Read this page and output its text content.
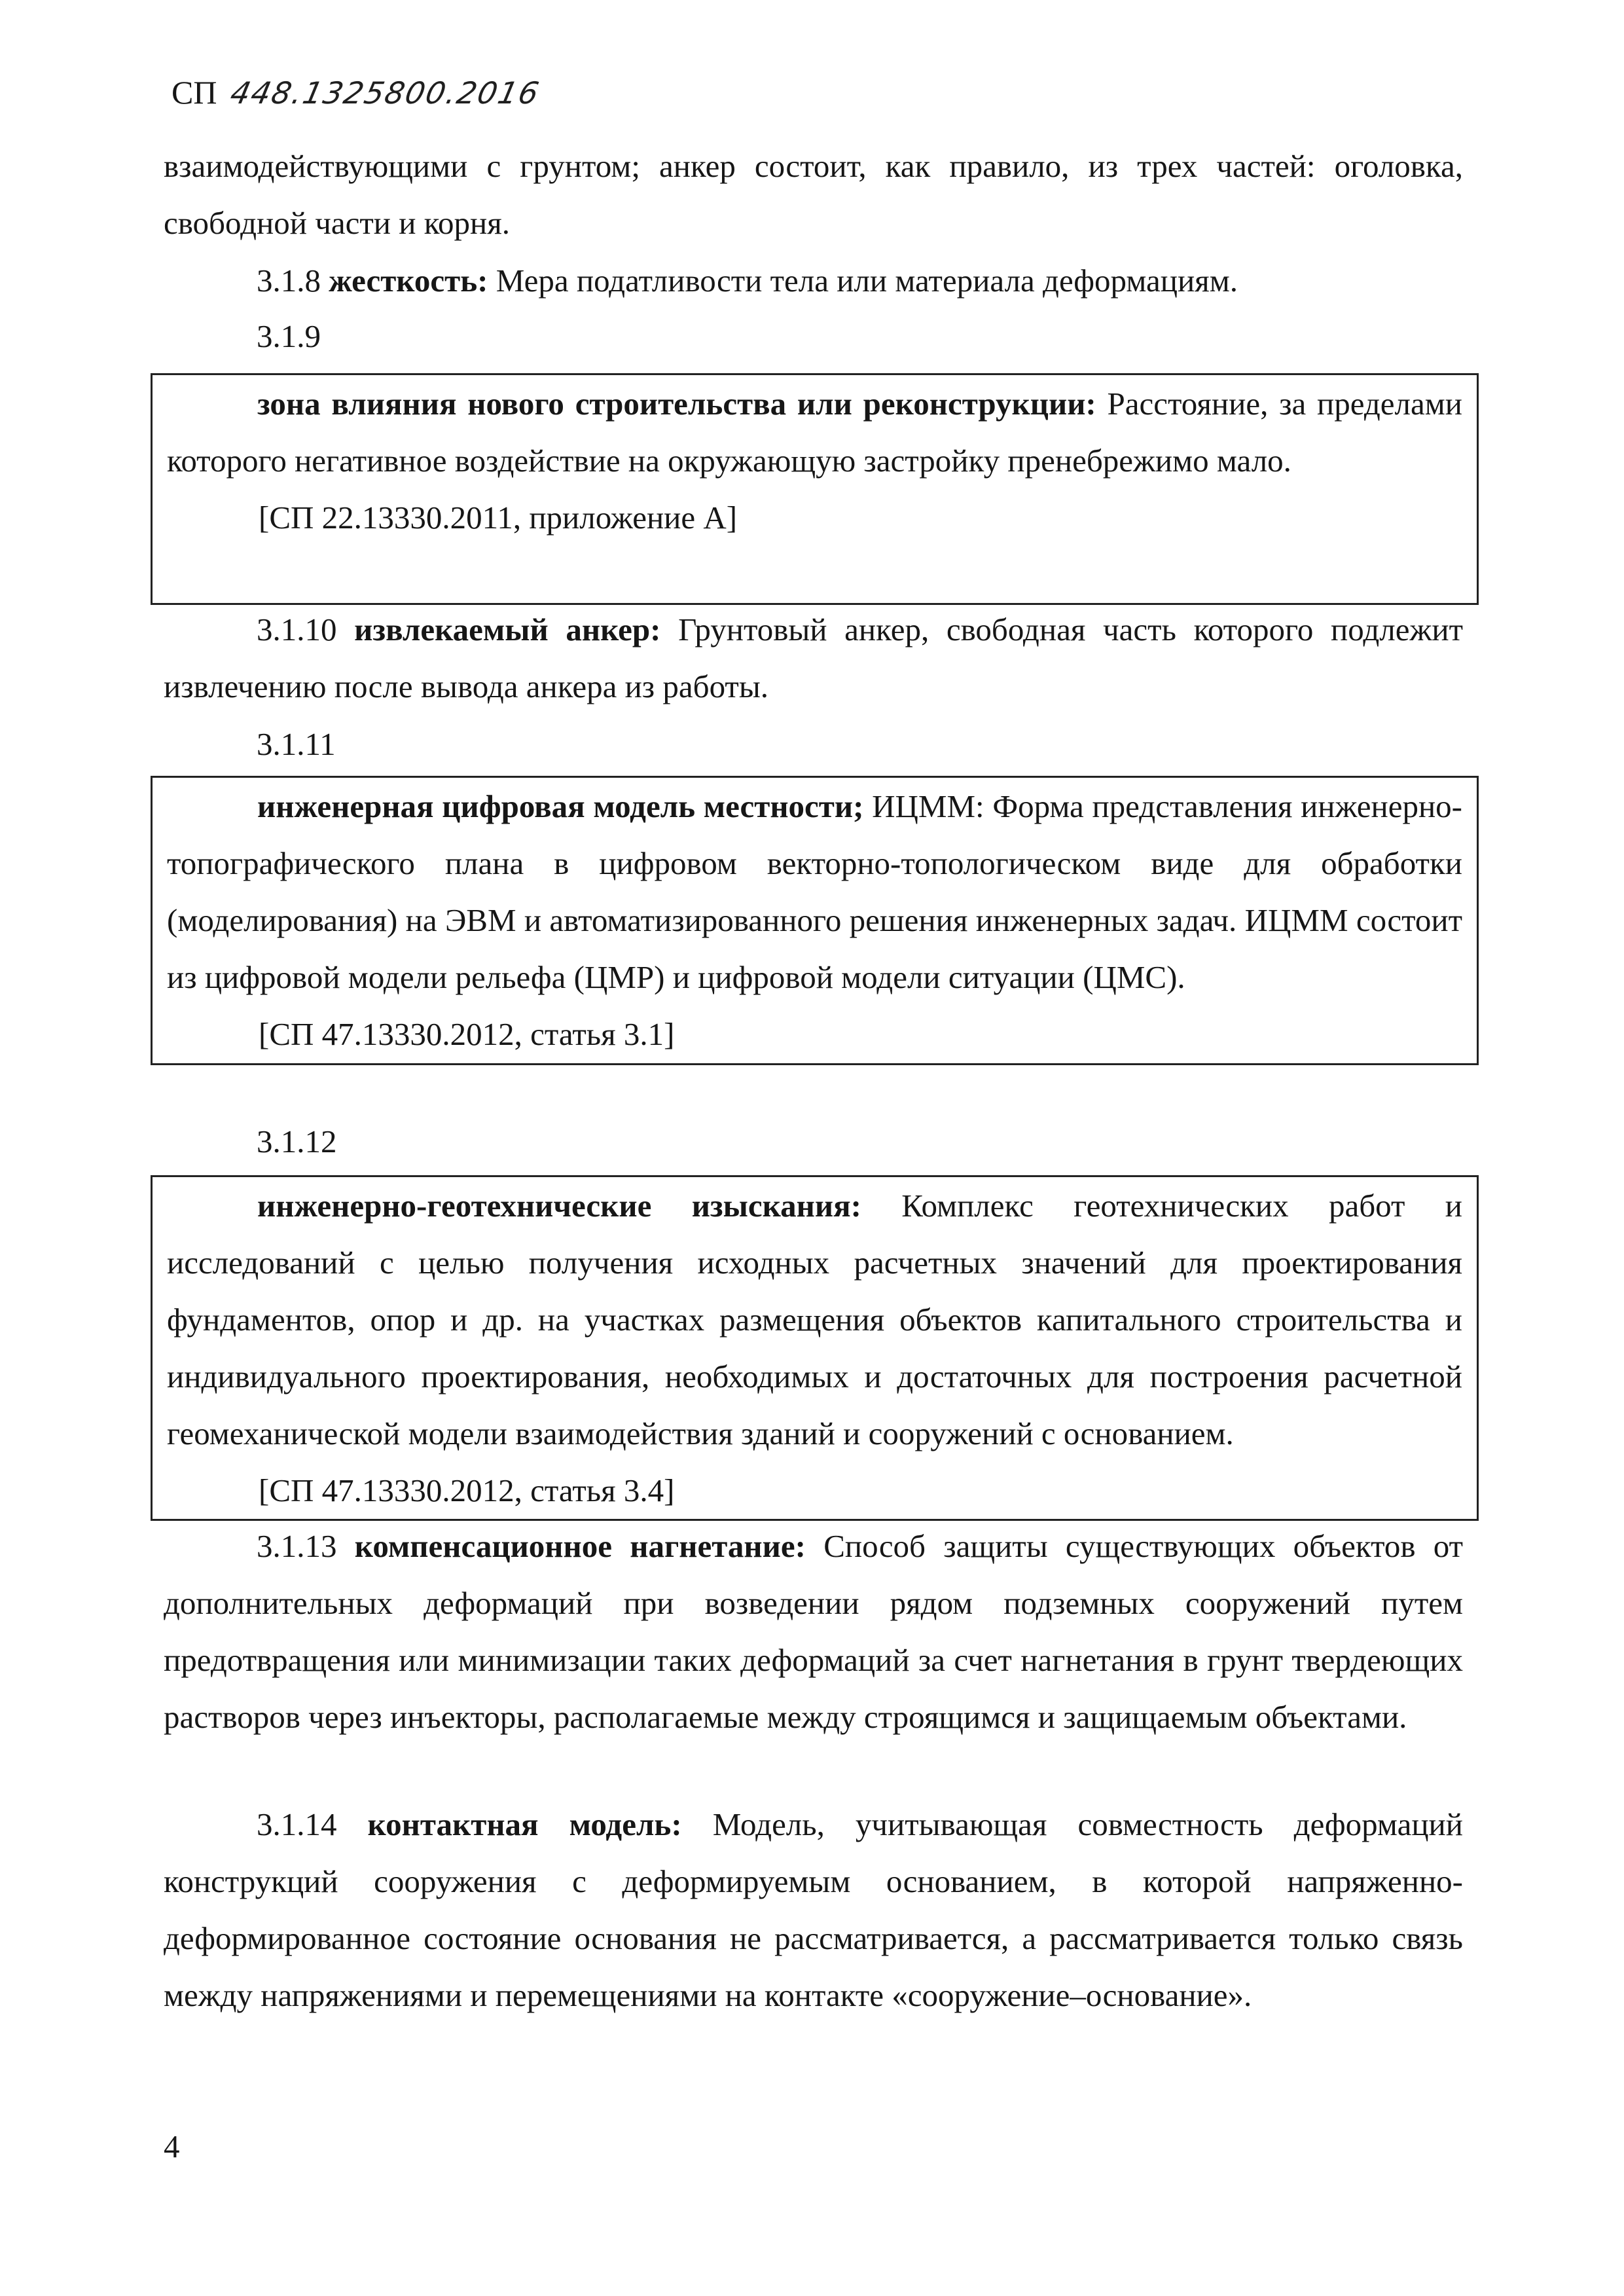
СП 448.1325800.2016

взаимодействующими с грунтом; анкер состоит, как правило, из трех частей: оголовка,

свободной части и корня.

3.1.8 жесткость: Мера податливости тела или материала деформациям.

3.1.9

зона влияния нового строительства или реконструкции: Расстояние, за пределами которого негативное воздействие на окружающую застройку пренебрежимо мало.

[СП 22.13330.2011, приложение А]

3.1.10 извлекаемый анкер: Грунтовый анкер, свободная часть которого подлежит извлечению после вывода анкера из работы.

3.1.11

инженерная цифровая модель местности; ИЦММ: Форма представления инженерно-топографического плана в цифровом векторно-топологическом виде для обработки (моделирования) на ЭВМ и автоматизированного решения инженерных задач. ИЦММ состоит из цифровой модели рельефа (ЦМР) и цифровой модели ситуации (ЦМС).

[СП 47.13330.2012, статья 3.1]

3.1.12

инженерно-геотехнические изыскания: Комплекс геотехнических работ и исследований с целью получения исходных расчетных значений для проектирования фундаментов, опор и др. на участках размещения объектов капитального строительства и индивидуального проектирования, необходимых и достаточных для построения расчетной геомеханической модели взаимодействия зданий и сооружений с основанием.

[СП 47.13330.2012, статья 3.4]

3.1.13 компенсационное нагнетание: Способ защиты существующих объектов от дополнительных деформаций при возведении рядом подземных сооружений путем предотвращения или минимизации таких деформаций за счет нагнетания в грунт твердеющих растворов через инъекторы, располагаемые между строящимся и защищаемым объектами.

3.1.14 контактная модель: Модель, учитывающая совместность деформаций конструкций сооружения с деформируемым основанием, в которой напряженно-деформированное состояние основания не рассматривается, а рассматривается только связь между напряжениями и перемещениями на контакте «сооружение–основание».

4
